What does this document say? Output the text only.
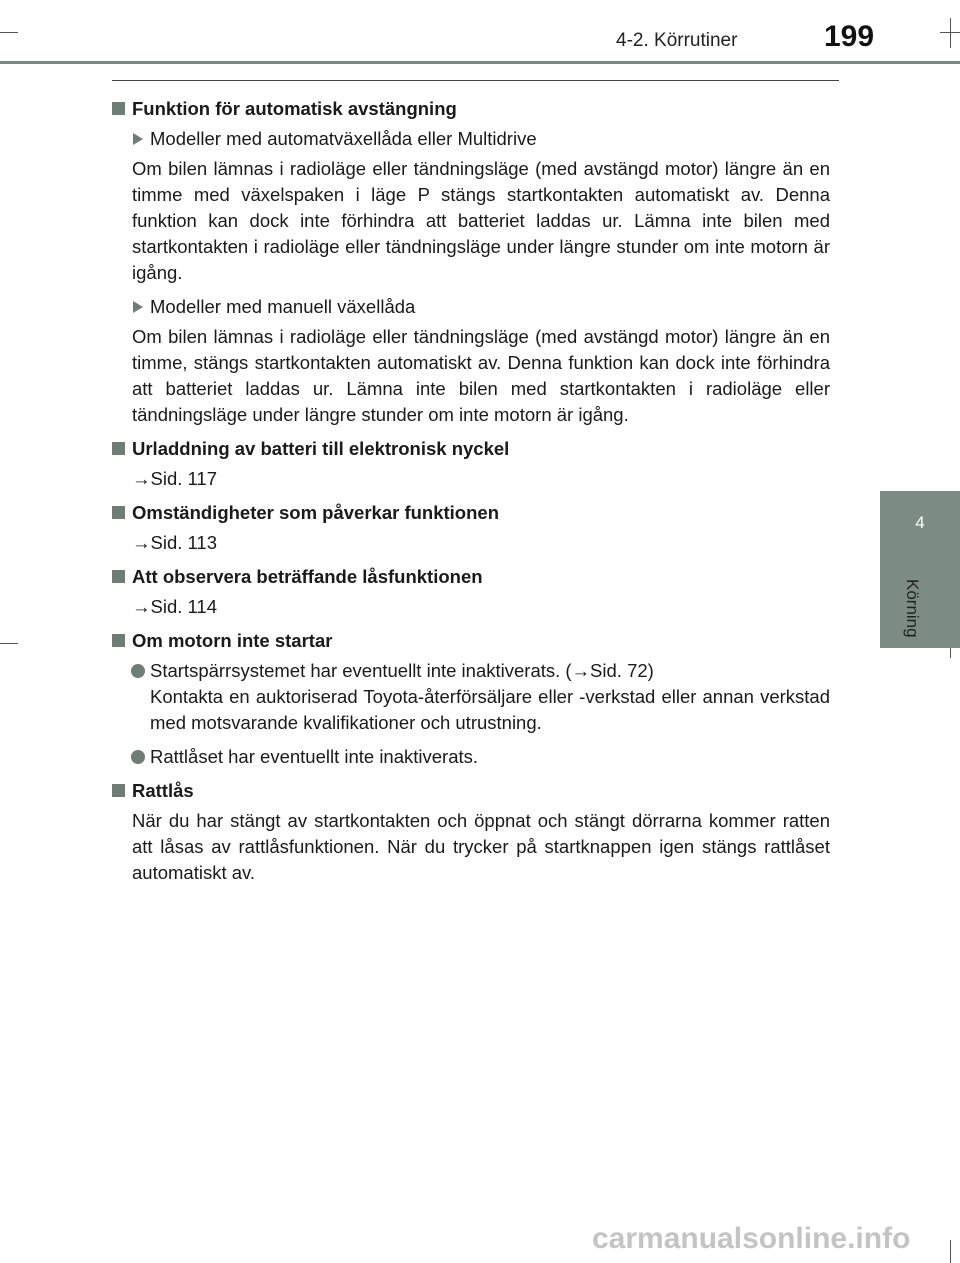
4-2. Körrutiner	199
4
Körning
Funktion för automatisk avstängning
Modeller med automatväxellåda eller Multidrive
Om bilen lämnas i radioläge eller tändningsläge (med avstängd motor) längre än en timme med växelspaken i läge P stängs startkontakten automatiskt av. Denna funktion kan dock inte förhindra att batteriet laddas ur. Lämna inte bilen med startkontakten i radioläge eller tändningsläge under längre stunder om inte motorn är igång.
Modeller med manuell växellåda
Om bilen lämnas i radioläge eller tändningsläge (med avstängd motor) längre än en timme, stängs startkontakten automatiskt av. Denna funktion kan dock inte förhindra att batteriet laddas ur. Lämna inte bilen med startkontakten i radioläge eller tändningsläge under längre stunder om inte motorn är igång.
Urladdning av batteri till elektronisk nyckel
→Sid. 117
Omständigheter som påverkar funktionen
→Sid. 113
Att observera beträffande låsfunktionen
→Sid. 114
Om motorn inte startar
Startspärrsystemet har eventuellt inte inaktiverats. (→Sid. 72)
Kontakta en auktoriserad Toyota-återförsäljare eller -verkstad eller annan verkstad med motsvarande kvalifikationer och utrustning.
Rattlåset har eventuellt inte inaktiverats.
Rattlås
När du har stängt av startkontakten och öppnat och stängt dörrarna kommer ratten att låsas av rattlåsfunktionen. När du trycker på startknappen igen stängs rattlåset automatiskt av.
carmanualsonline.info
